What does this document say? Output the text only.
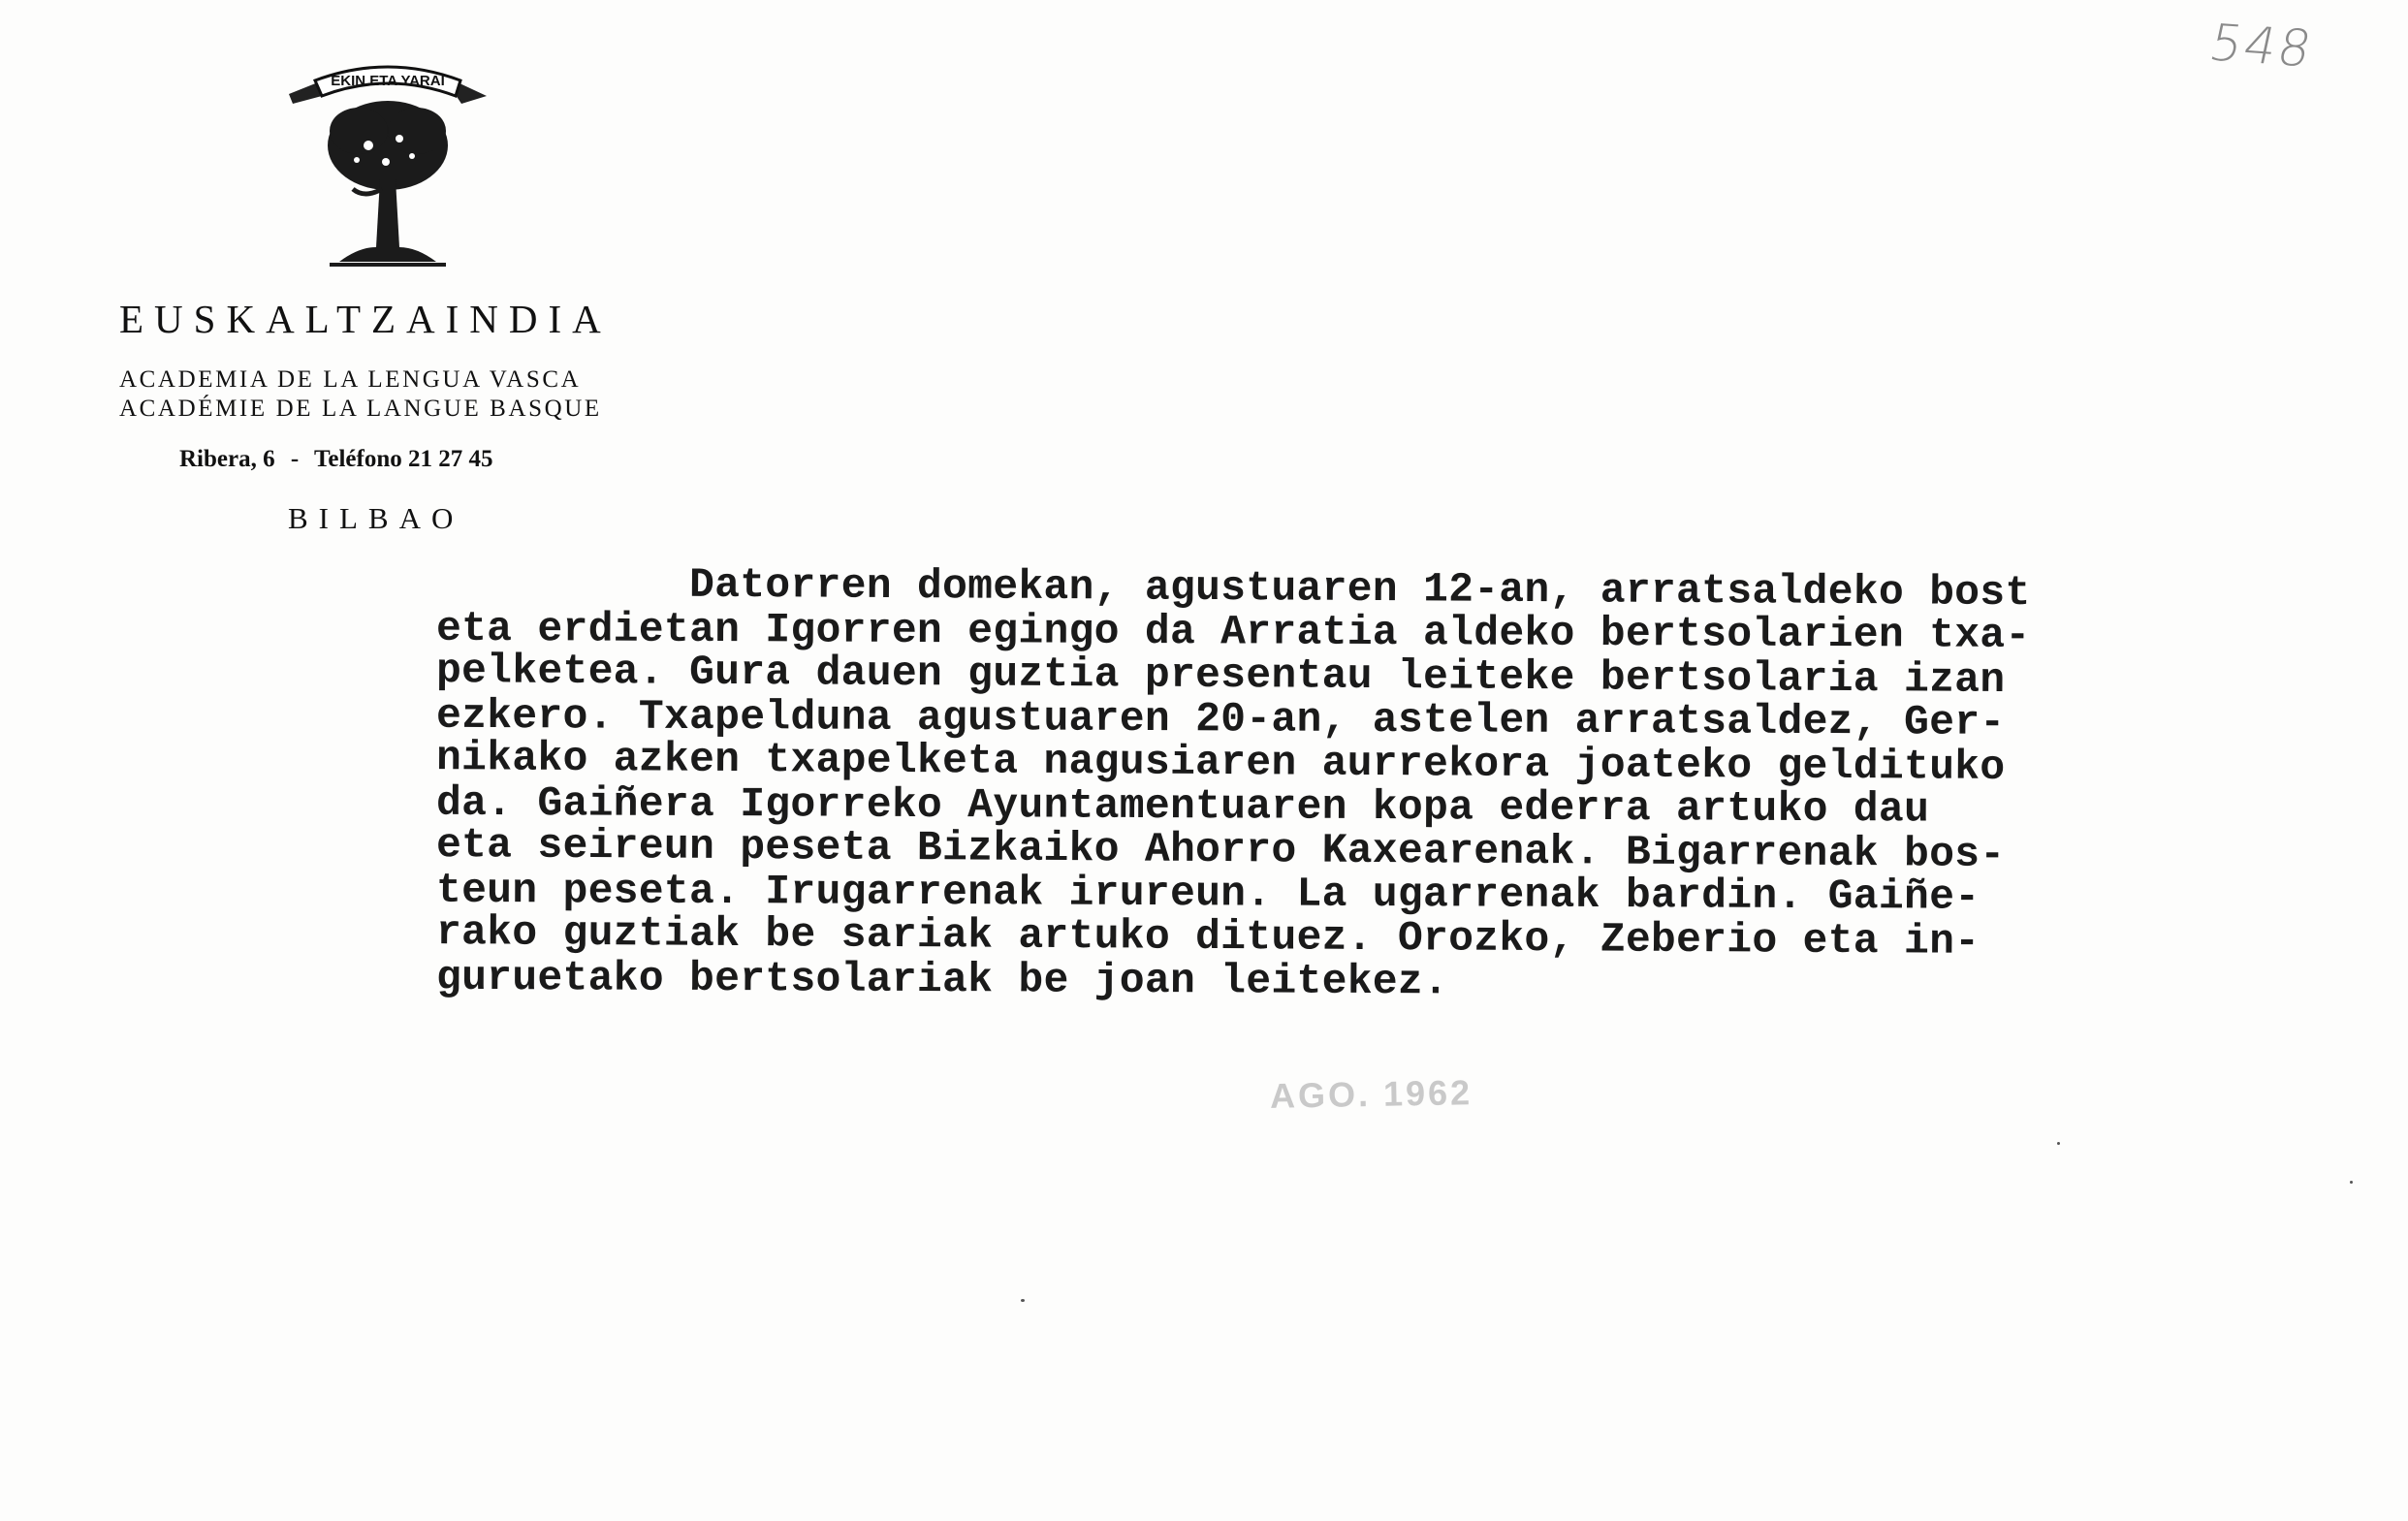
EKIN ETA YARAI
EUSKALTZAINDIA
ACADEMIA DE LA LENGUA VASCA
ACADÉMIE DE LA LANGUE BASQUE
Ribera, 6 - Teléfono 21 27 45
BILBAO
548
Datorren domekan, agustuaren 12-an, arratsaldeko bost
eta erdietan Igorren egingo da Arratia aldeko bertsolarien txa-
pelketea. Gura dauen guztia presentau leiteke bertsolaria izan
ezkero. Txapelduna agustuaren 20-an, astelen arratsaldez, Ger-
nikako azken txapelketa nagusiaren aurrekora joateko geldituko
da. Gaiñera Igorreko Ayuntamentuaren kopa ederra artuko dau
eta seireun peseta Bizkaiko Ahorro Kaxearenak. Bigarrenak bos-
teun peseta. Irugarrenak irureun. La ugarrenak bardin. Gaiñe-
rako guztiak be sariak artuko dituez. Orozko, Zeberio eta in-
guruetako bertsolariak be joan leitekez.
AGO. 1962
